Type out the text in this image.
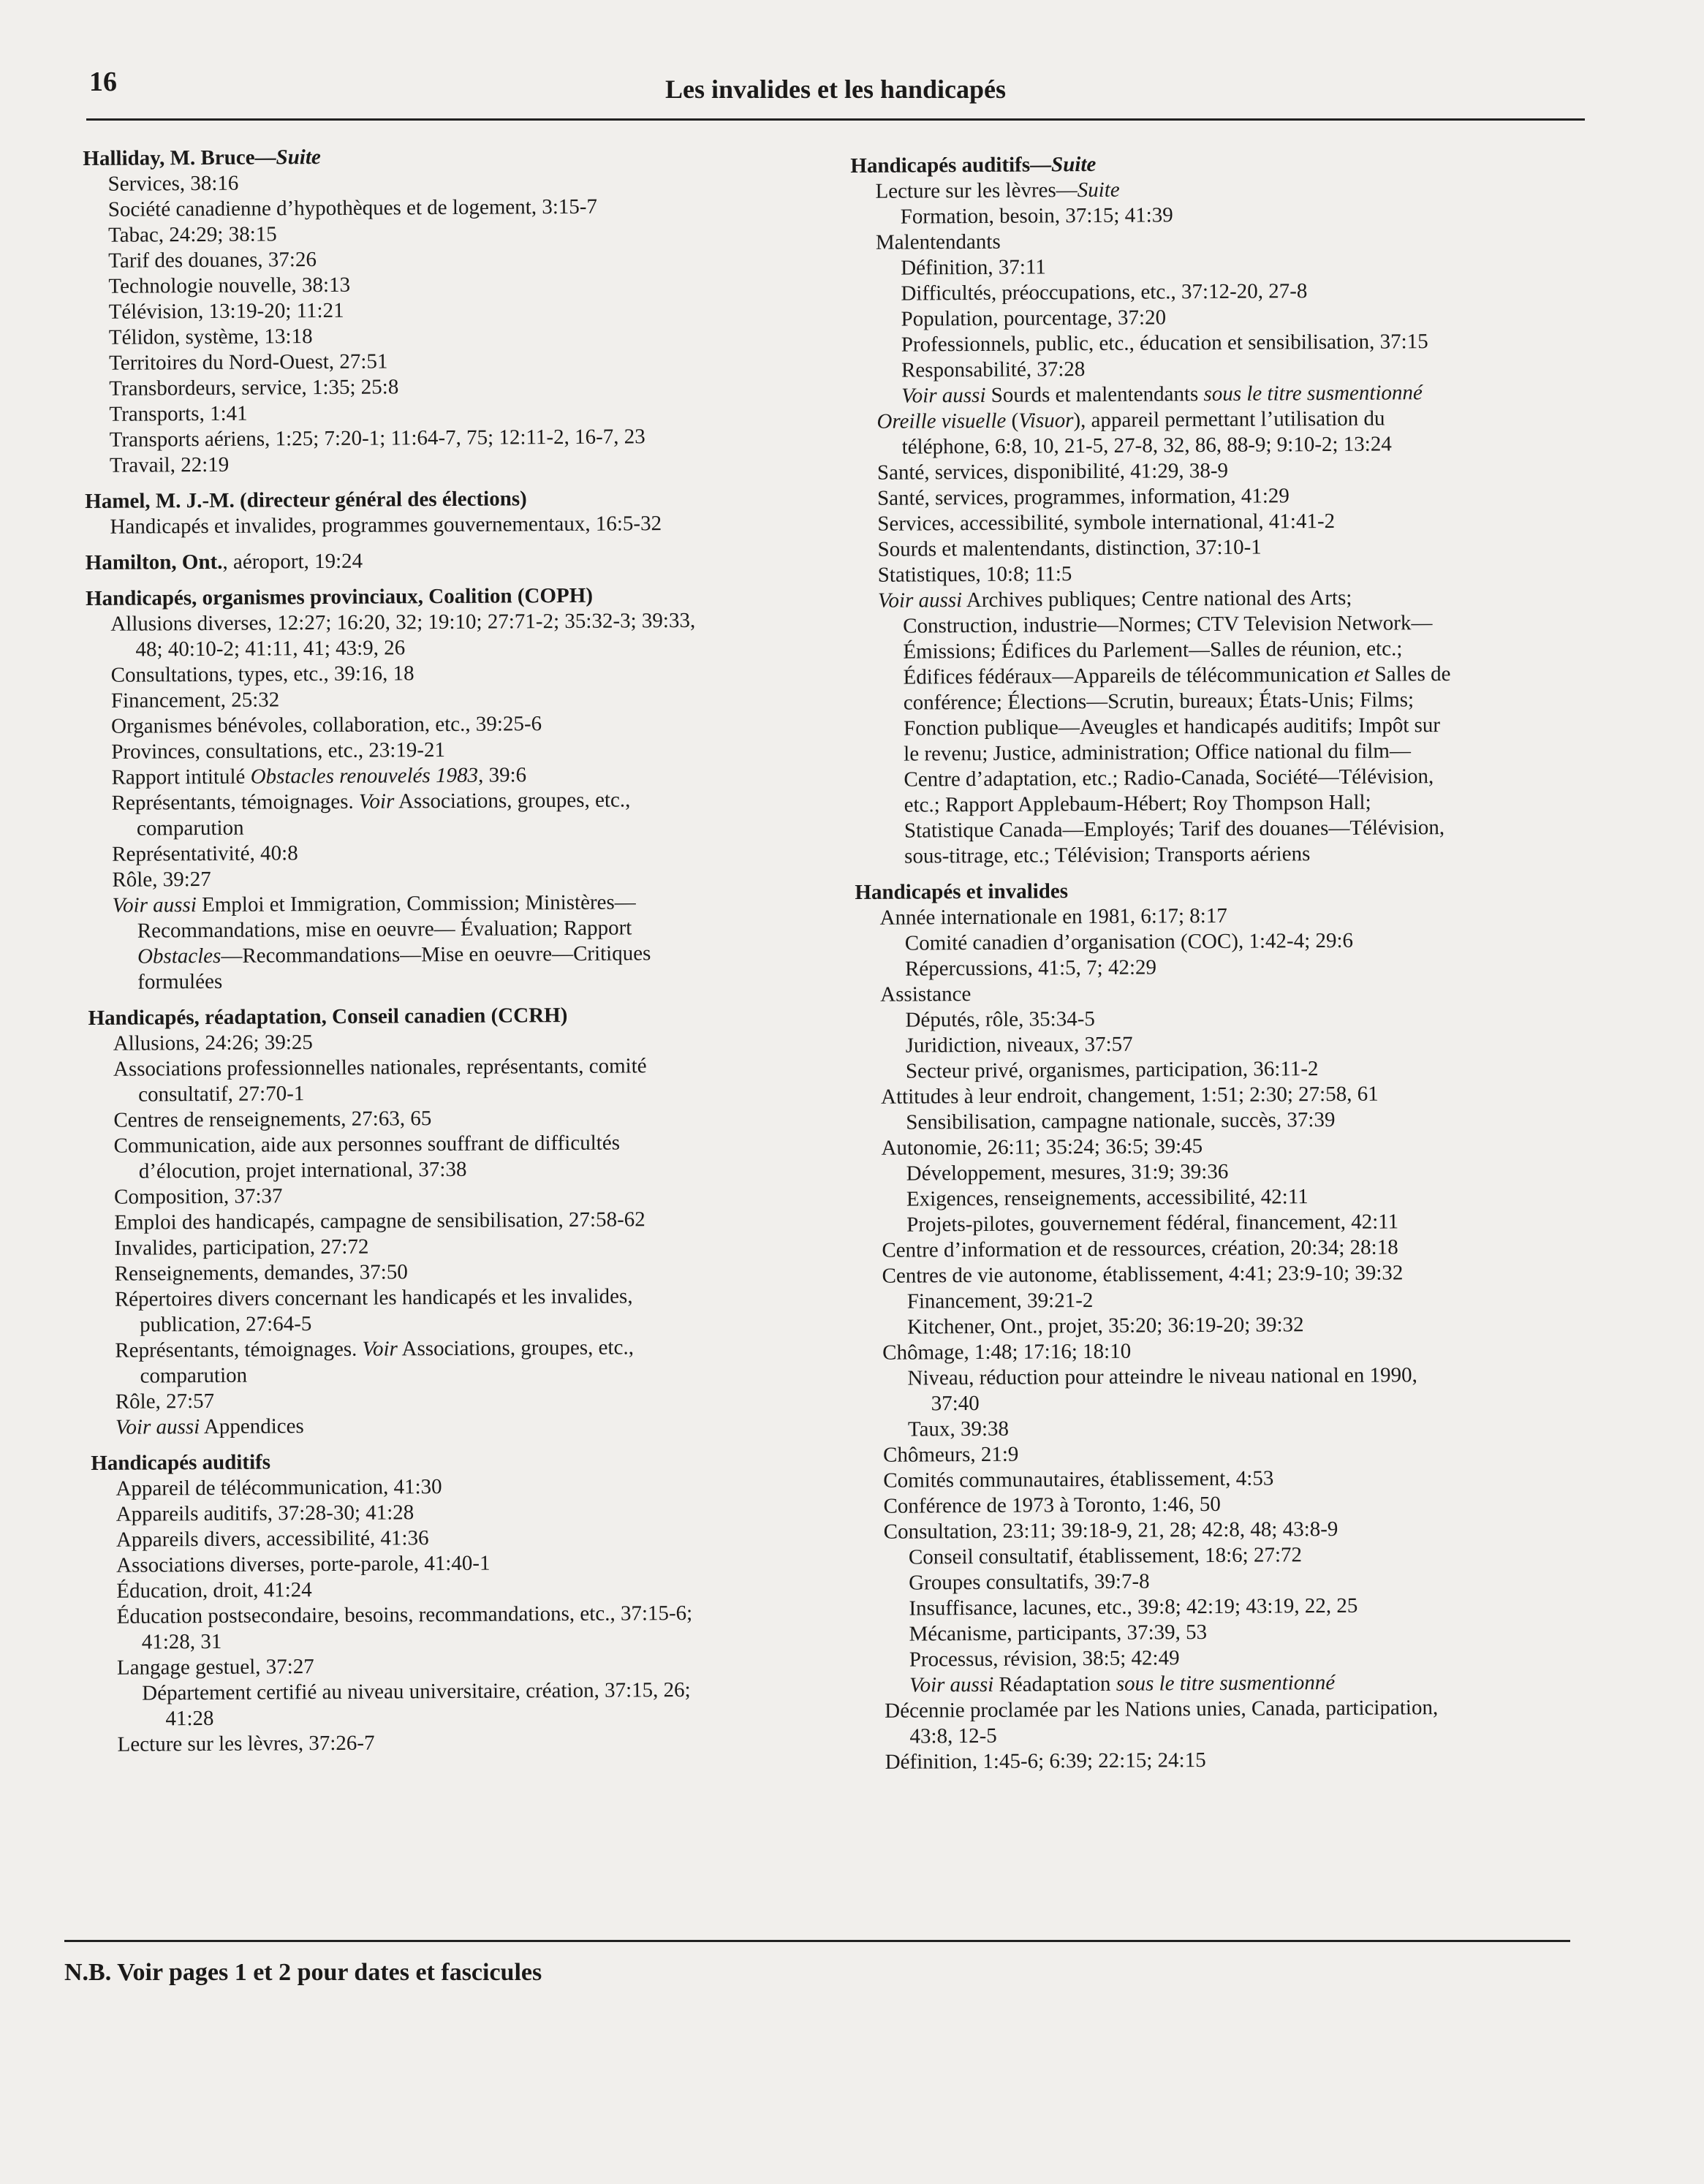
16	Les invalides et les handicapés
Halliday, M. Bruce—Suite
Services, 38:16
Société canadienne d’hypothèques et de logement, 3:15-7
Tabac, 24:29; 38:15
Tarif des douanes, 37:26
Technologie nouvelle, 38:13
Télévision, 13:19-20; 11:21
Télidon, système, 13:18
Territoires du Nord-Ouest, 27:51
Transbordeurs, service, 1:35; 25:8
Transports, 1:41
Transports aériens, 1:25; 7:20-1; 11:64-7, 75; 12:11-2, 16-7, 23
Travail, 22:19
Hamel, M. J.-M. (directeur général des élections)
Handicapés et invalides, programmes gouvernementaux, 16:5-32
Hamilton, Ont., aéroport, 19:24
Handicapés, organismes provinciaux, Coalition (COPH)
Allusions diverses, 12:27; 16:20, 32; 19:10; 27:71-2; 35:32-3; 39:33,
48; 40:10-2; 41:11, 41; 43:9, 26
Consultations, types, etc., 39:16, 18
Financement, 25:32
Organismes bénévoles, collaboration, etc., 39:25-6
Provinces, consultations, etc., 23:19-21
Rapport intitulé Obstacles renouvelés 1983, 39:6
Représentants, témoignages. Voir Associations, groupes, etc.,
comparution
Représentativité, 40:8
Rôle, 39:27
Voir aussi Emploi et Immigration, Commission; Ministères—
Recommandations, mise en oeuvre— Évaluation; Rapport
Obstacles—Recommandations—Mise en oeuvre—Critiques
formulées
Handicapés, réadaptation, Conseil canadien (CCRH)
Allusions, 24:26; 39:25
Associations professionnelles nationales, représentants, comité
consultatif, 27:70-1
Centres de renseignements, 27:63, 65
Communication, aide aux personnes souffrant de difficultés
d’élocution, projet international, 37:38
Composition, 37:37
Emploi des handicapés, campagne de sensibilisation, 27:58-62
Invalides, participation, 27:72
Renseignements, demandes, 37:50
Répertoires divers concernant les handicapés et les invalides,
publication, 27:64-5
Représentants, témoignages. Voir Associations, groupes, etc.,
comparution
Rôle, 27:57
Voir aussi Appendices
Handicapés auditifs
Appareil de télécommunication, 41:30
Appareils auditifs, 37:28-30; 41:28
Appareils divers, accessibilité, 41:36
Associations diverses, porte-parole, 41:40-1
Éducation, droit, 41:24
Éducation postsecondaire, besoins, recommandations, etc., 37:15-6;
41:28, 31
Langage gestuel, 37:27
Département certifié au niveau universitaire, création, 37:15, 26;
41:28
Lecture sur les lèvres, 37:26-7
Handicapés auditifs—Suite
Lecture sur les lèvres—Suite
Formation, besoin, 37:15; 41:39
Malentendants
Définition, 37:11
Difficultés, préoccupations, etc., 37:12-20, 27-8
Population, pourcentage, 37:20
Professionnels, public, etc., éducation et sensibilisation, 37:15
Responsabilité, 37:28
Voir aussi Sourds et malentendants sous le titre susmentionné
Oreille visuelle (Visuor), appareil permettant l’utilisation du
téléphone, 6:8, 10, 21-5, 27-8, 32, 86, 88-9; 9:10-2; 13:24
Santé, services, disponibilité, 41:29, 38-9
Santé, services, programmes, information, 41:29
Services, accessibilité, symbole international, 41:41-2
Sourds et malentendants, distinction, 37:10-1
Statistiques, 10:8; 11:5
Voir aussi Archives publiques; Centre national des Arts;
Construction, industrie—Normes; CTV Television Network—
Émissions; Édifices du Parlement—Salles de réunion, etc.;
Édifices fédéraux—Appareils de télécommunication et Salles de
conférence; Élections—Scrutin, bureaux; États-Unis; Films;
Fonction publique—Aveugles et handicapés auditifs; Impôt sur
le revenu; Justice, administration; Office national du film—
Centre d’adaptation, etc.; Radio-Canada, Société—Télévision,
etc.; Rapport Applebaum-Hébert; Roy Thompson Hall;
Statistique Canada—Employés; Tarif des douanes—Télévision,
sous-titrage, etc.; Télévision; Transports aériens
Handicapés et invalides
Année internationale en 1981, 6:17; 8:17
Comité canadien d’organisation (COC), 1:42-4; 29:6
Répercussions, 41:5, 7; 42:29
Assistance
Députés, rôle, 35:34-5
Juridiction, niveaux, 37:57
Secteur privé, organismes, participation, 36:11-2
Attitudes à leur endroit, changement, 1:51; 2:30; 27:58, 61
Sensibilisation, campagne nationale, succès, 37:39
Autonomie, 26:11; 35:24; 36:5; 39:45
Développement, mesures, 31:9; 39:36
Exigences, renseignements, accessibilité, 42:11
Projets-pilotes, gouvernement fédéral, financement, 42:11
Centre d’information et de ressources, création, 20:34; 28:18
Centres de vie autonome, établissement, 4:41; 23:9-10; 39:32
Financement, 39:21-2
Kitchener, Ont., projet, 35:20; 36:19-20; 39:32
Chômage, 1:48; 17:16; 18:10
Niveau, réduction pour atteindre le niveau national en 1990,
37:40
Taux, 39:38
Chômeurs, 21:9
Comités communautaires, établissement, 4:53
Conférence de 1973 à Toronto, 1:46, 50
Consultation, 23:11; 39:18-9, 21, 28; 42:8, 48; 43:8-9
Conseil consultatif, établissement, 18:6; 27:72
Groupes consultatifs, 39:7-8
Insuffisance, lacunes, etc., 39:8; 42:19; 43:19, 22, 25
Mécanisme, participants, 37:39, 53
Processus, révision, 38:5; 42:49
Voir aussi Réadaptation sous le titre susmentionné
Décennie proclamée par les Nations unies, Canada, participation,
43:8, 12-5
Définition, 1:45-6; 6:39; 22:15; 24:15
N.B. Voir pages 1 et 2 pour dates et fascicules
